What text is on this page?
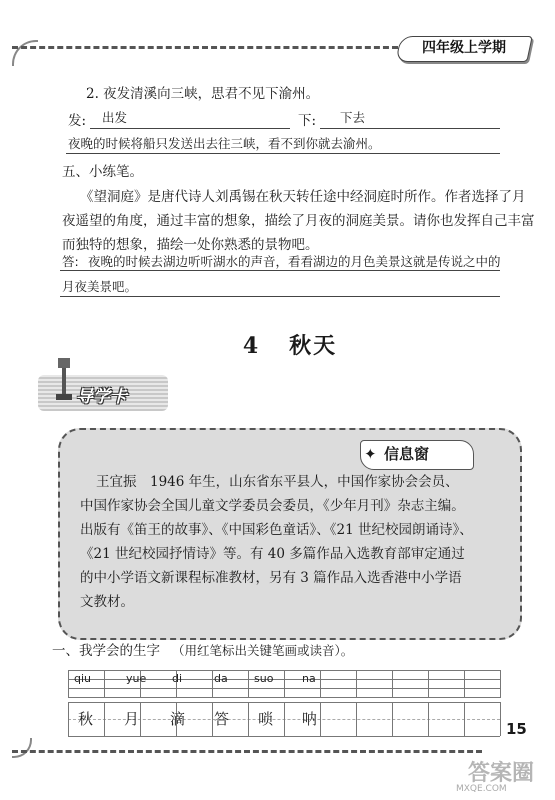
四年级上学期
2. 夜发清溪向三峡，思君不见下渝州。
发: 出发	下: 下去
夜晚的时候将船只发送出去往三峡，看不到你就去渝州。
五、小练笔。
《望洞庭》是唐代诗人刘禹锡在秋天转任途中经洞庭时所作。作者选择了月
夜遥望的角度，通过丰富的想象，描绘了月夜的洞庭美景。请你也发挥自己丰富
而独特的想象，描绘一处你熟悉的景物吧。
答: 夜晚的时候去湖边听听湖水的声音，看看湖边的月色美景这就是传说之中的
月夜美景吧。
4 秋天
导学卡
✦ 信息窗
王宜振　1946 年生，山东省东平县人，中国作家协会会员、
中国作家协会全国儿童文学委员会委员，《少年月刊》杂志主编。
出版有《笛王的故事》、《中国彩色童话》、《21 世纪校园朗诵诗》、
《21 世纪校园抒情诗》等。有 40 多篇作品入选教育部审定通过
的中小学语文新课程标准教材，另有 3 篇作品入选香港中小学语
文教材。
一、我学会的生字 （用红笔标出关键笔画或读音）。
qiu	yue di	da suo	na
秋 月 滴 答 唢 呐
15
答案圈
MXQE.COM
